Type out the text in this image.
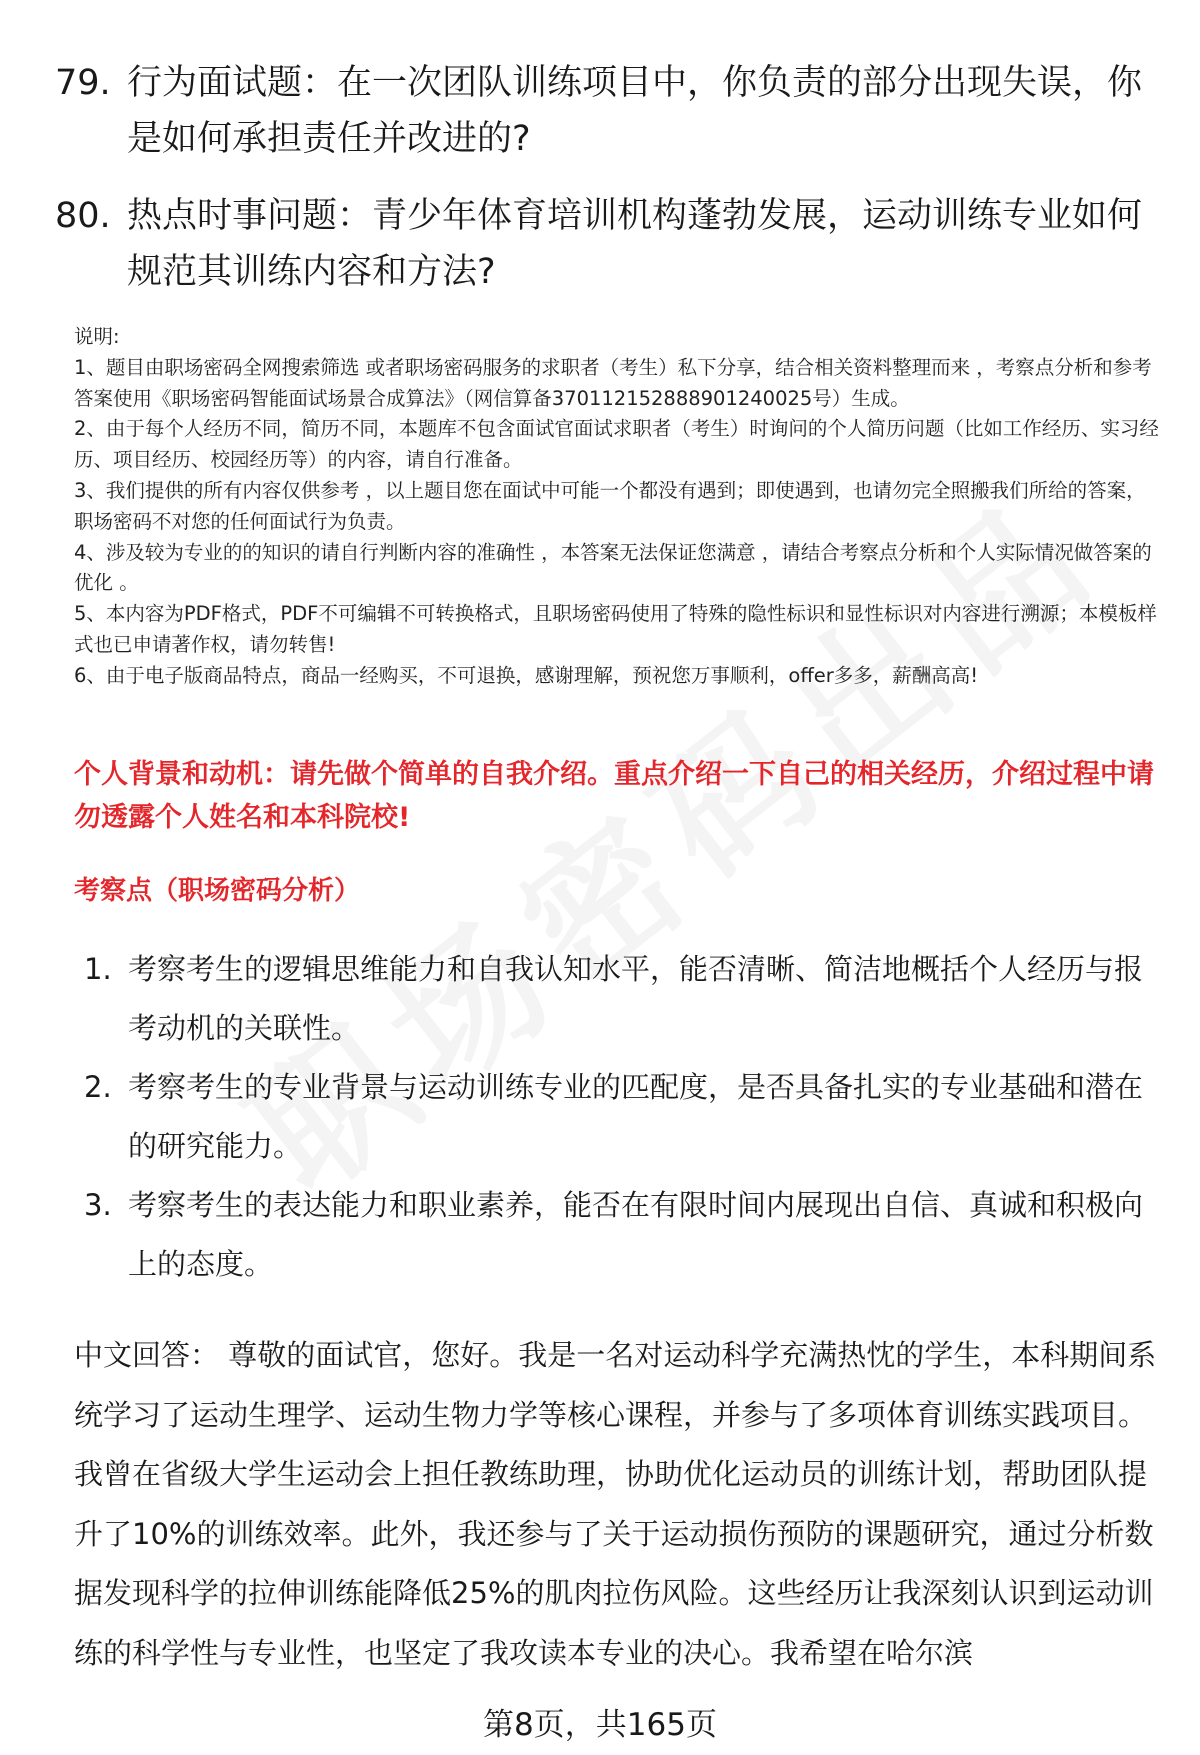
79. 行为面试题：在一次团队训练项目中，你负责的部分出现失误，你是如何承担责任并改进的?
80. 热点时事问题：青少年体育培训机构蓬勃发展，运动训练专业如何规范其训练内容和方法?

说明:

1、题目由职场密码全网搜索筛选 或者职场密码服务的求职者（考生）私下分享，结合相关资料整理而来 ，考察点分析和参考答案使用《职场密码智能面试场景合成算法》（网信算备370112152888901240025号）生成。

2、由于每个人经历不同，简历不同，本题库不包含面试官面试求职者（考生）时询问的个人简历问题（比如工作经历、实习经历、项目经历、校园经历等）的内容，请自行准备。

3、我们提供的所有内容仅供参考 ，以上题目您在面试中可能一个都没有遇到；即使遇到，也请勿完全照搬我们所给的答案，职场密码不对您的任何面试行为负责。

4、涉及较为专业的的知识的请自行判断内容的准确性 ，本答案无法保证您满意 ，请结合考察点分析和个人实际情况做答案的优化 。

5、本内容为PDF格式，PDF不可编辑不可转换格式，且职场密码使用了特殊的隐性标识和显性标识对内容进行溯源；本模板样式也已申请著作权，请勿转售!

6、由于电子版商品特点，商品一经购买，不可退换，感谢理解，预祝您万事顺利，offer多多，薪酬高高!

个人背景和动机：请先做个简单的自我介绍。重点介绍一下自己的相关经历，介绍过程中请勿透露个人姓名和本科院校!
考察点（职场密码分析）
1. 考察考生的逻辑思维能力和自我认知水平，能否清晰、简洁地概括个人经历与报考动机的关联性。
2. 考察考生的专业背景与运动训练专业的匹配度，是否具备扎实的专业基础和潜在的研究能力。
3. 考察考生的表达能力和职业素养，能否在有限时间内展现出自信、真诚和积极向上的态度。

中文回答： 尊敬的面试官，您好。我是一名对运动科学充满热忱的学生，本科期间系统学习了运动生理学、运动生物力学等核心课程，并参与了多项体育训练实践项目。我曾在省级大学生运动会上担任教练助理，协助优化运动员的训练计划，帮助团队提升了10%的训练效率。此外，我还参与了关于运动损伤预防的课题研究，通过分析数据发现科学的拉伸训练能降低25%的肌肉拉伤风险。这些经历让我深刻认识到运动训练的科学性与专业性，也坚定了我攻读本专业的决心。我希望在哈尔滨

第8页，共165页
